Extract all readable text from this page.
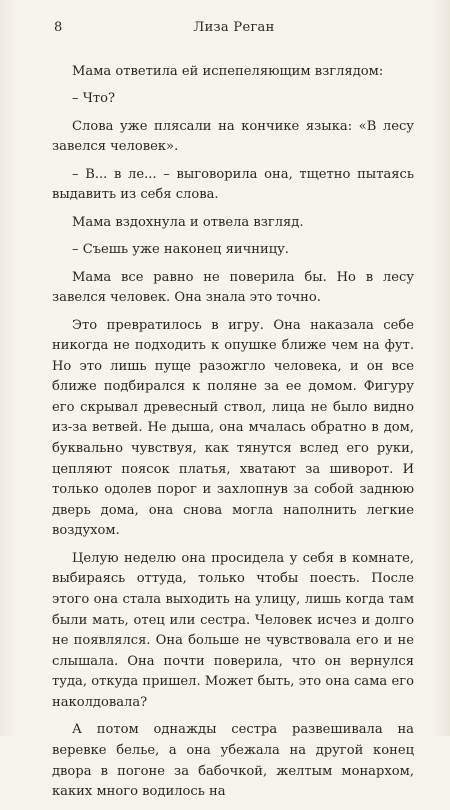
8	Лиза Реган

Мама ответила ей испепеляющим взглядом:

– Что?

Слова уже плясали на кончике языка: «В лесу завелся человек».

– В... в ле... – выговорила она, тщетно пытаясь выдавить из себя слова.

Мама вздохнула и отвела взгляд.

– Съешь уже наконец яичницу.

Мама все равно не поверила бы. Но в лесу завелся человек. Она знала это точно.

Это превратилось в игру. Она наказала себе никогда не подходить к опушке ближе чем на фут. Но это лишь пуще разожгло человека, и он все ближе подбирался к поляне за ее домом. Фигуру его скрывал древесный ствол, лица не было видно из-за ветвей. Не дыша, она мчалась обратно в дом, буквально чувствуя, как тянутся вслед его руки, цепляют поясок платья, хватают за шиворот. И только одолев порог и захлопнув за собой заднюю дверь дома, она снова могла наполнить легкие воздухом.

Целую неделю она просидела у себя в комнате, выбираясь оттуда, только чтобы поесть. После этого она стала выходить на улицу, лишь когда там были мать, отец или сестра. Человек исчез и долго не появлялся. Она больше не чувствовала его и не слышала. Она почти поверила, что он вернулся туда, откуда пришел. Может быть, это она сама его наколдовала?

А потом однажды сестра развешивала на веревке белье, а она убежала на другой конец двора в погоне за бабочкой, желтым монархом, каких много водилось на
